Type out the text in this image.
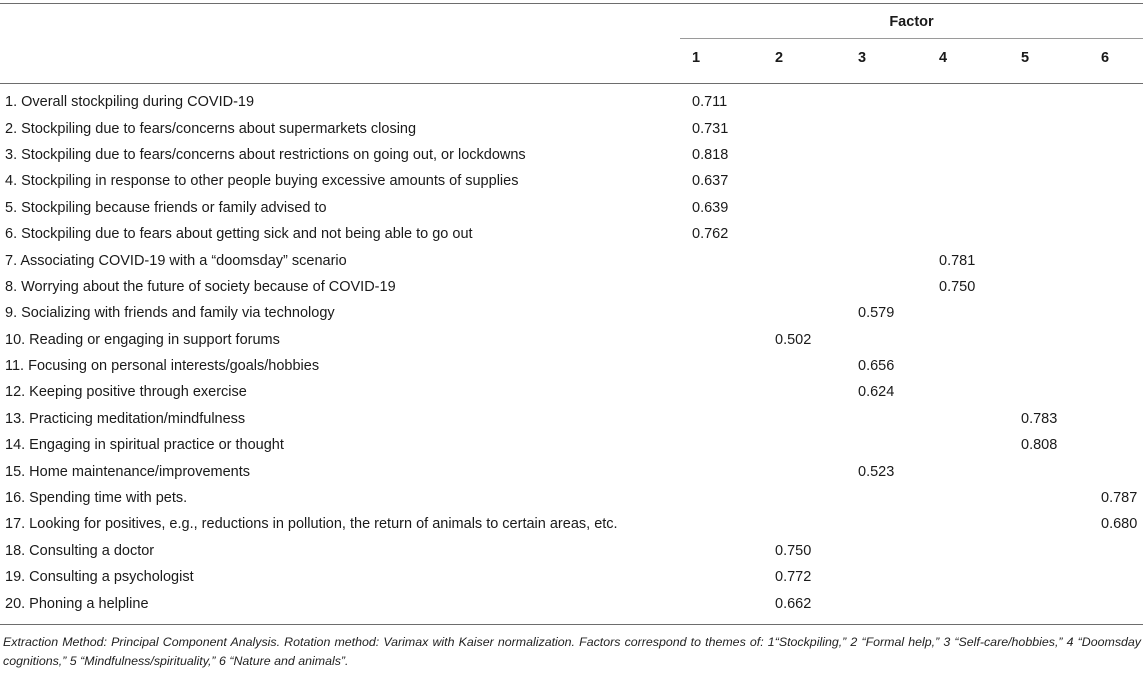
Factor
1	2	3	4	5	6
1. Overall stockpiling during COVID-19	0.711					
2. Stockpiling due to fears/concerns about supermarkets closing	0.731					
3. Stockpiling due to fears/concerns about restrictions on going out, or lockdowns	0.818					
4. Stockpiling in response to other people buying excessive amounts of supplies	0.637					
5. Stockpiling because friends or family advised to	0.639					
6. Stockpiling due to fears about getting sick and not being able to go out	0.762					
7. Associating COVID-19 with a “doomsday” scenario				0.781		
8. Worrying about the future of society because of COVID-19				0.750		
9. Socializing with friends and family via technology			0.579			
10. Reading or engaging in support forums		0.502				
11. Focusing on personal interests/goals/hobbies			0.656			
12. Keeping positive through exercise			0.624			
13. Practicing meditation/mindfulness					0.783	
14. Engaging in spiritual practice or thought					0.808	
15. Home maintenance/improvements			0.523			
16. Spending time with pets.						0.787
17. Looking for positives, e.g., reductions in pollution, the return of animals to certain areas, etc.						0.680
18. Consulting a doctor		0.750				
19. Consulting a psychologist		0.772				
20. Phoning a helpline		0.662				
Extraction Method: Principal Component Analysis. Rotation method: Varimax with Kaiser normalization. Factors correspond to themes of: 1“Stockpiling,” 2 “Formal help,” 3 “Self-care/hobbies,” 4 “Doomsday cognitions,” 5 “Mindfulness/spirituality,” 6 “Nature and animals”.
